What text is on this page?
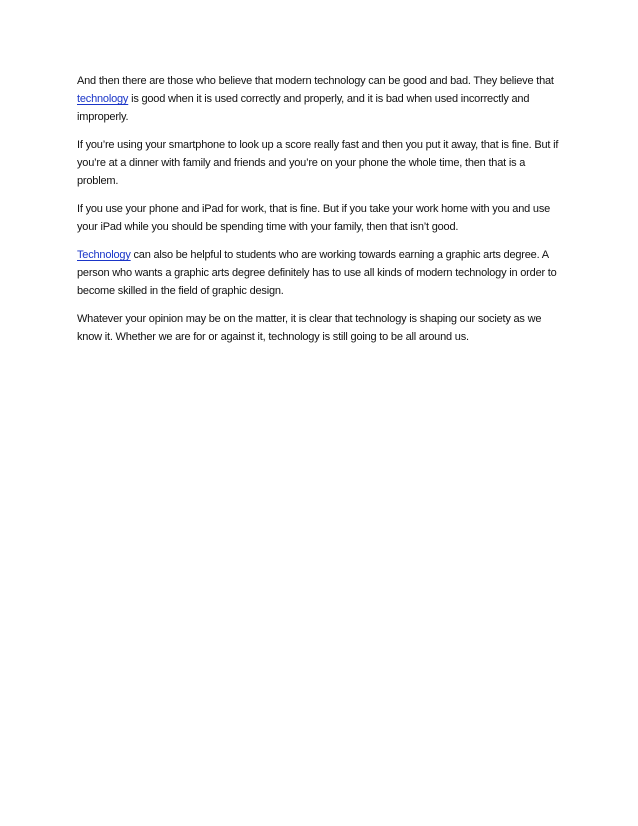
And then there are those who believe that modern technology can be good and bad. They believe that technology is good when it is used correctly and properly, and it is bad when used incorrectly and improperly.

If you’re using your smartphone to look up a score really fast and then you put it away, that is fine. But if you’re at a dinner with family and friends and you’re on your phone the whole time, then that is a problem.

If you use your phone and iPad for work, that is fine. But if you take your work home with you and use your iPad while you should be spending time with your family, then that isn’t good.

Technology can also be helpful to students who are working towards earning a graphic arts degree. A person who wants a graphic arts degree definitely has to use all kinds of modern technology in order to become skilled in the field of graphic design.

Whatever your opinion may be on the matter, it is clear that technology is shaping our society as we know it. Whether we are for or against it, technology is still going to be all around us.
